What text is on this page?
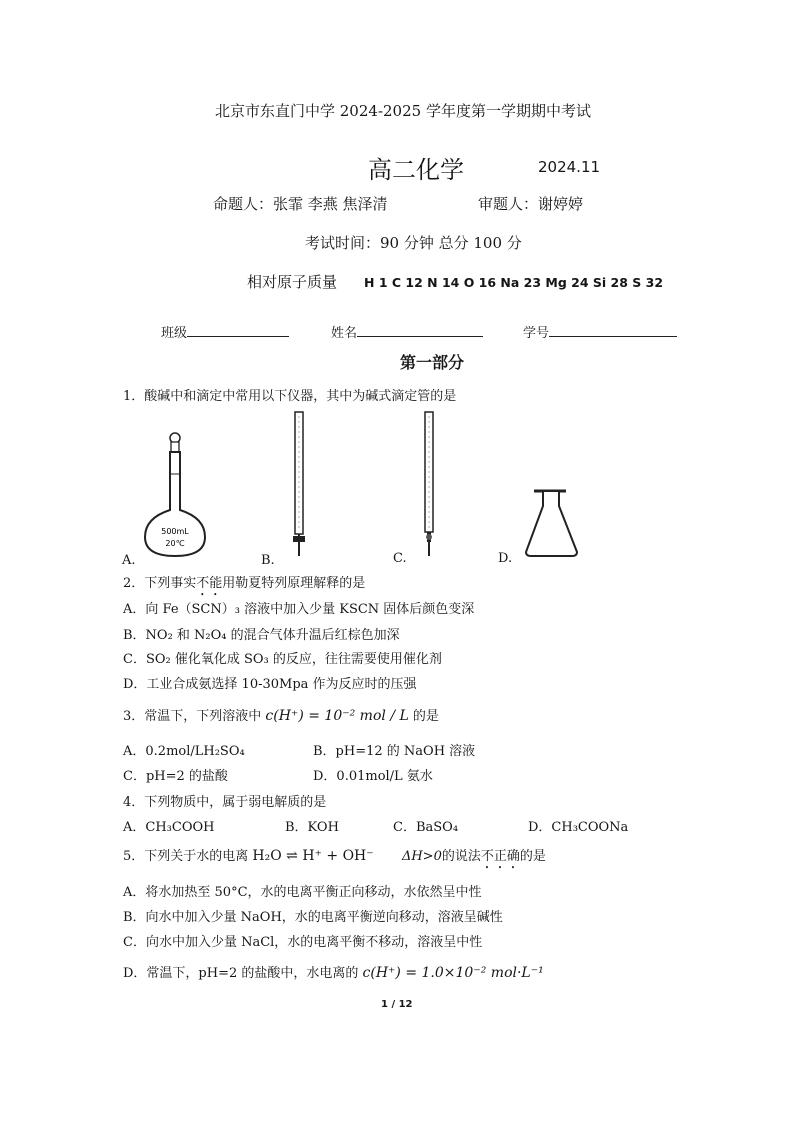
北京市东直门中学 2024-2025 学年度第一学期期中考试
高二化学	2024.11
命题人：张霏 李燕 焦泽清	审题人：谢婷婷
考试时间：90 分钟 总分 100 分
相对原子质量 H 1 C 12 N 14 O 16 Na 23 Mg 24 Si 28 S 32
班级	姓名	学号
第一部分
1．酸碱中和滴定中常用以下仪器，其中为碱式滴定管的是
500mL
20℃
A.	B.	C.	D.
2．下列事实不能用勒夏特列原理解释的是
A．向 Fe（SCN）₃ 溶液中加入少量 KSCN 固体后颜色变深
B．NO₂ 和 N₂O₄ 的混合气体升温后红棕色加深
C．SO₂ 催化氧化成 SO₃ 的反应，往往需要使用催化剂
D．工业合成氨选择 10-30Mpa 作为反应时的压强
3．常温下，下列溶液中 c(H⁺) = 10⁻² mol / L 的是
A．0.2mol/LH₂SO₄	B．pH=12 的 NaOH 溶液
C．pH=2 的盐酸	D．0.01mol/L 氨水
4．下列物质中，属于弱电解质的是
A．CH₃COOH	B．KOH	C．BaSO₄	D．CH₃COONa
5．下列关于水的电离 H₂O ⇌ H⁺ + OH⁻ ΔH>0的说法不正确的是
A．将水加热至 50°C，水的电离平衡正向移动，水依然呈中性
B．向水中加入少量 NaOH，水的电离平衡逆向移动，溶液呈碱性
C．向水中加入少量 NaCl，水的电离平衡不移动，溶液呈中性
D．常温下，pH=2 的盐酸中，水电离的 c(H⁺) = 1.0×10⁻² mol·L⁻¹
1 / 12
